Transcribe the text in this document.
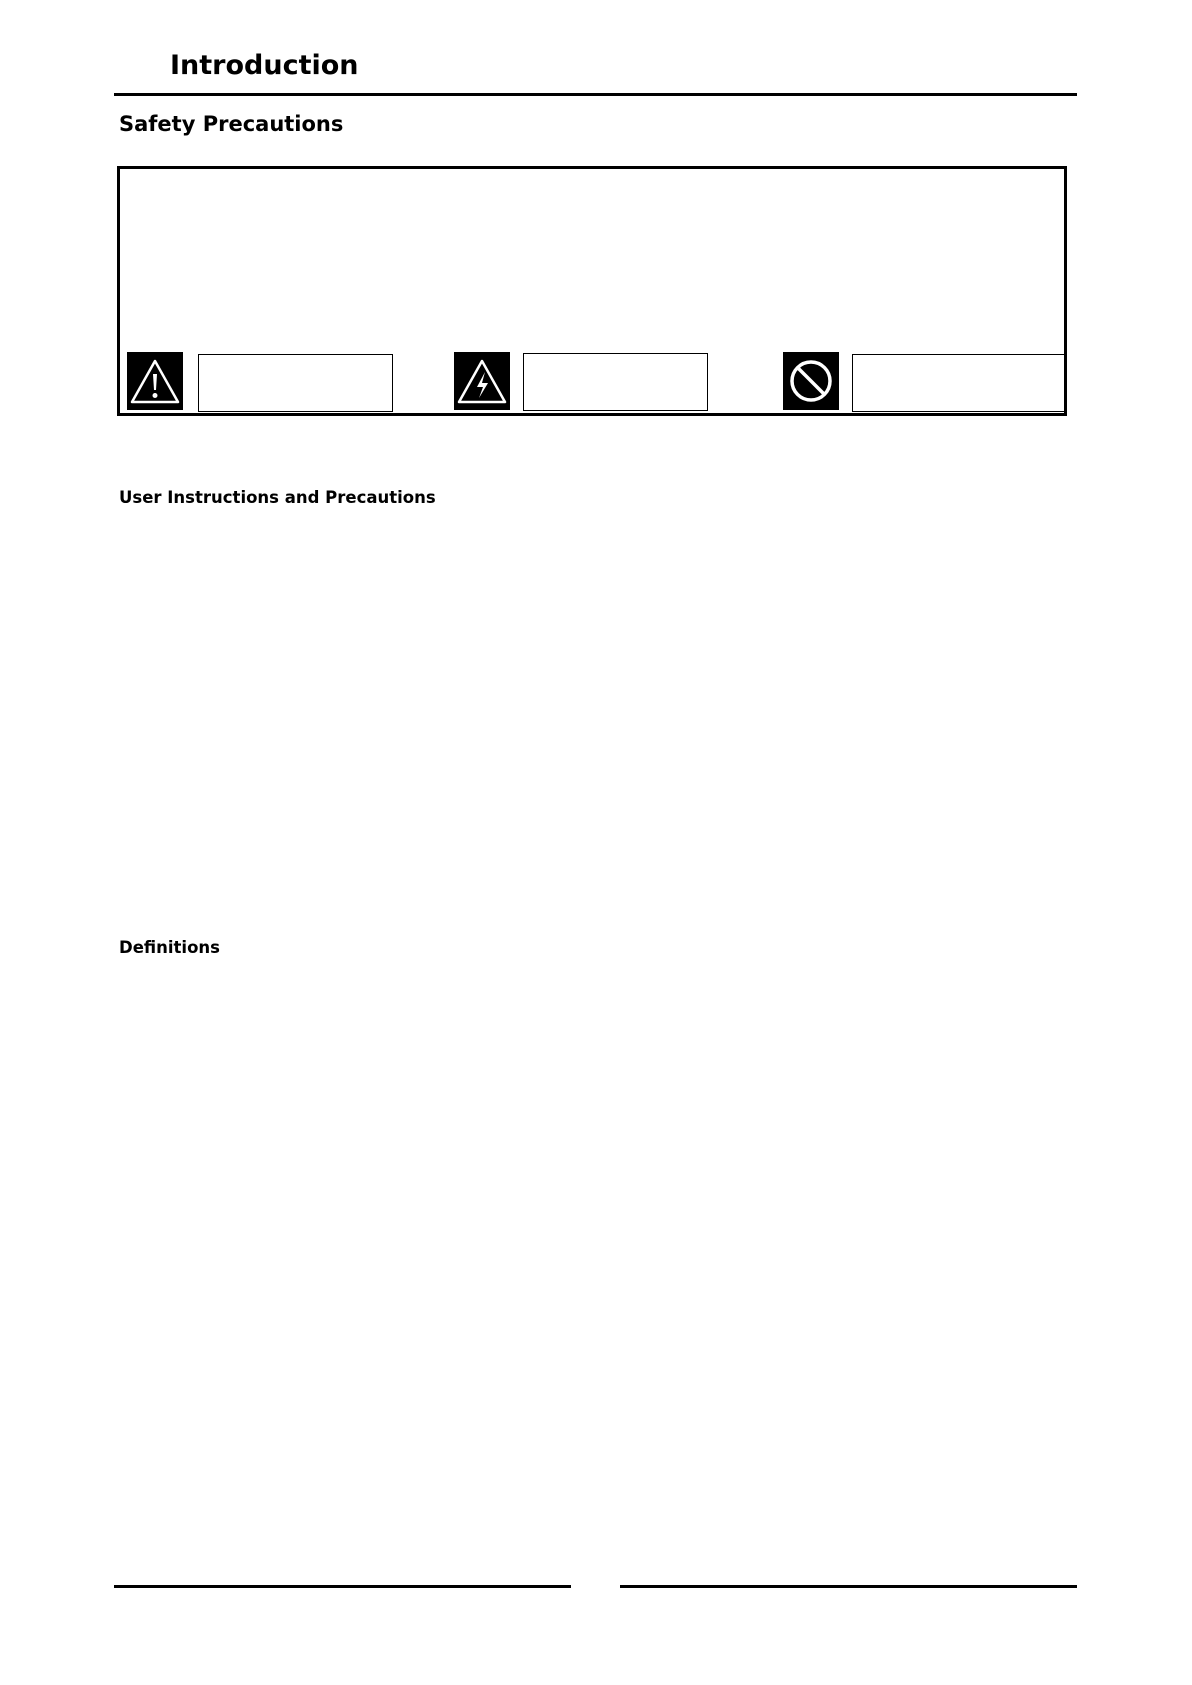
Introduction
Safety Precautions
User Instructions and Precautions
Definitions
